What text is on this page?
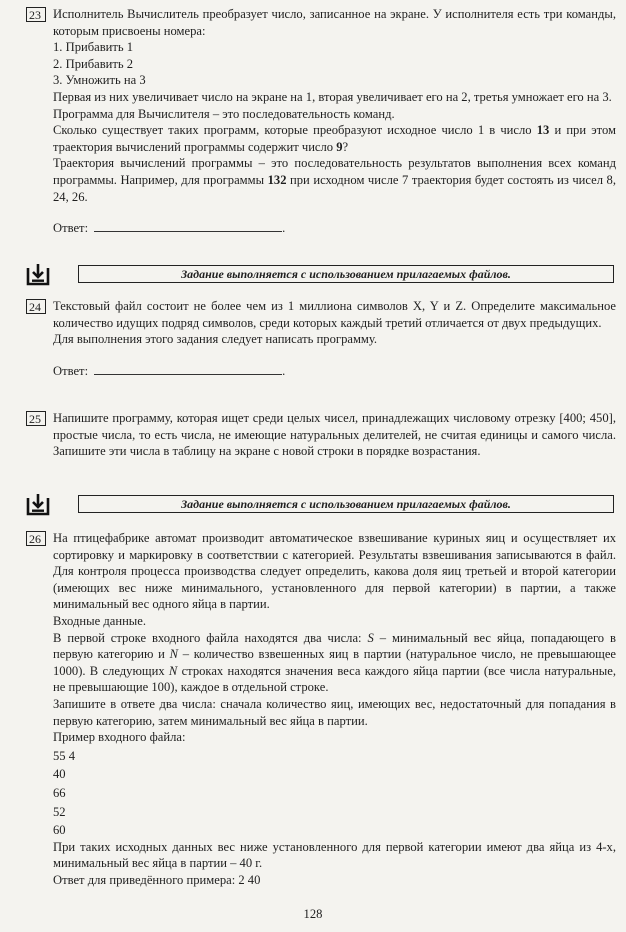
23 Исполнитель Вычислитель преобразует число, записанное на экране. У исполнителя есть три команды, которым присвоены номера:

1. Прибавить 1

2. Прибавить 2

3. Умножить на 3

Первая из них увеличивает число на экране на 1, вторая увеличивает его на 2, третья умножает его на 3.

Программа для Вычислителя – это последовательность команд.

Сколько существует таких программ, которые преобразуют исходное число 1 в число 13 и при этом траектория вычислений программы содержит число 9?

Траектория вычислений программы – это последовательность результатов выполнения всех команд программы. Например, для программы 132 при исходном числе 7 траектория будет состоять из чисел 8, 24, 26.

Ответ:	.

Задание выполняется с использованием прилагаемых файлов.
24 Текстовый файл состоит не более чем из 1 миллиона символов X, Y и Z. Определите максимальное количество идущих подряд символов, среди которых каждый третий отличается от двух предыдущих.

Для выполнения этого задания следует написать программу.

Ответ:	.

25 Напишите программу, которая ищет среди целых чисел, принадлежащих числовому отрезку [400; 450], простые числа, то есть числа, не имеющие натуральных делителей, не считая единицы и самого числа. Запишите эти числа в таблицу на экране с новой строки в порядке возрастания.

Задание выполняется с использованием прилагаемых файлов.
26 На птицефабрике автомат производит автоматическое взвешивание куриных яиц и осуществляет их сортировку и маркировку в соответствии с категорией. Результаты взвешивания записываются в файл. Для контроля процесса производства следует определить, какова доля яиц третьей и второй категории (имеющих вес ниже минимального, установленного для первой категории) в партии, а также минимальный вес одного яйца в партии.

Входные данные.

В первой строке входного файла находятся два числа: S – минимальный вес яйца, попадающего в первую категорию и N – количество взвешенных яиц в партии (натуральное число, не превышающее 1000). В следующих N строках находятся значения веса каждого яйца партии (все числа натуральные, не превышающие 100), каждое в отдельной строке.

Запишите в ответе два числа: сначала количество яиц, имеющих вес, недостаточный для попадания в первую категорию, затем минимальный вес яйца в партии.

Пример входного файла:

55 4

40

66

52

60

При таких исходных данных вес ниже установленного для первой категории имеют два яйца из 4-х, минимальный вес яйца в партии – 40 г.

Ответ для приведённого примера: 2 40

128
